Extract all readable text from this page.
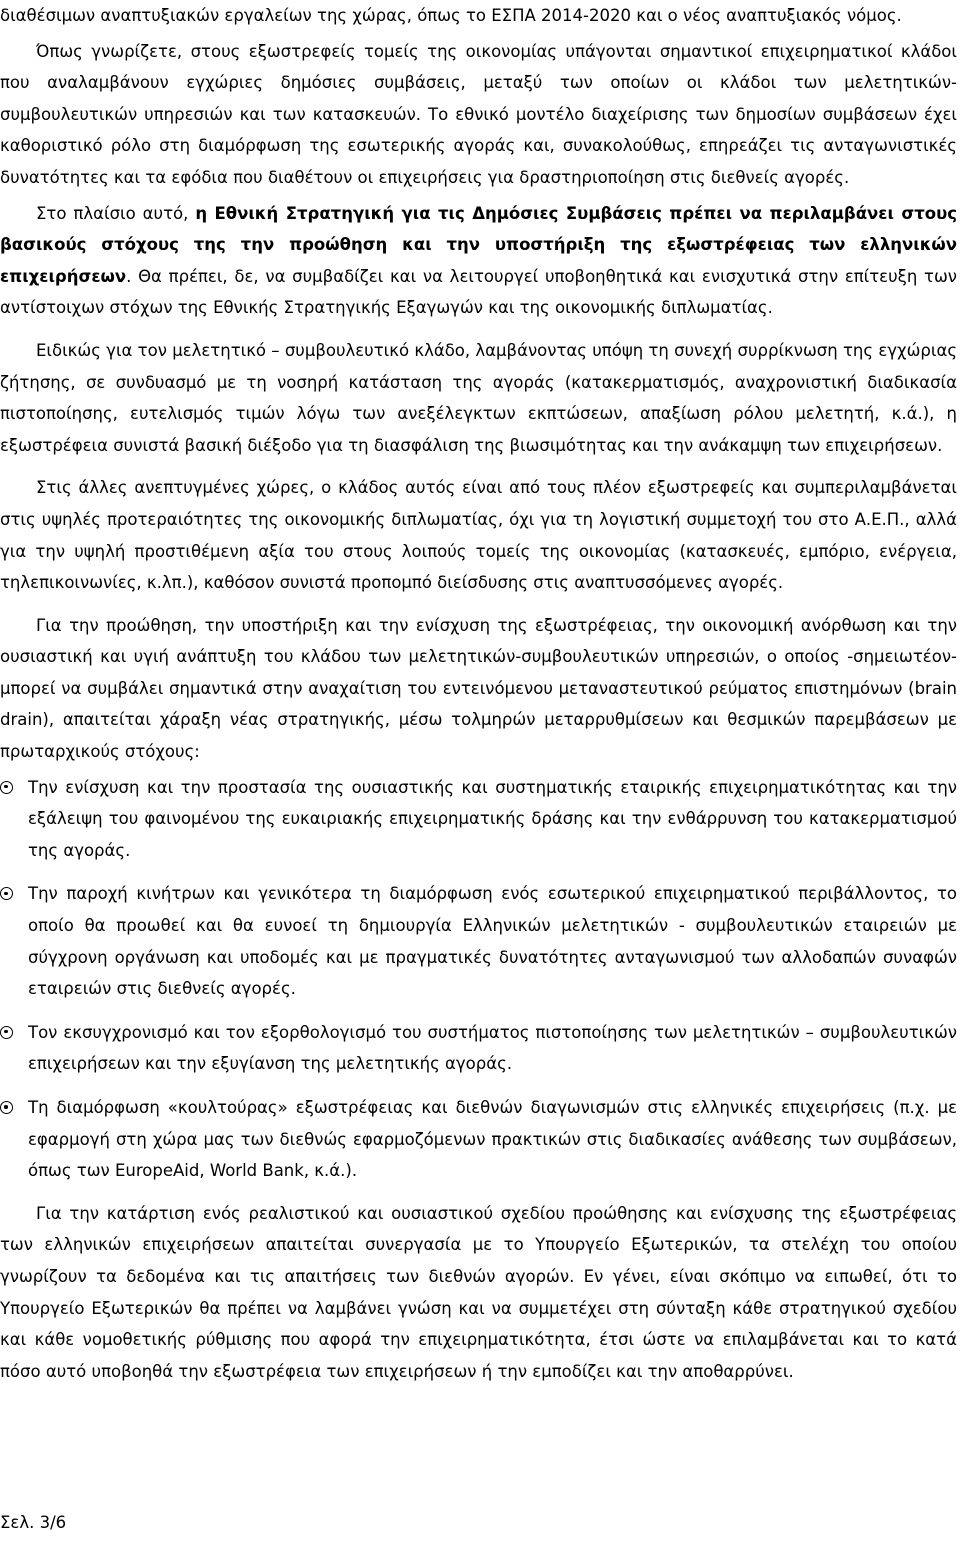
διαθέσιμων αναπτυξιακών εργαλείων της χώρας, όπως το ΕΣΠΑ 2014-2020 και ο νέος αναπτυξιακός νόμος.

Όπως γνωρίζετε, στους εξωστρεφείς τομείς της οικονομίας υπάγονται σημαντικοί επιχειρηματικοί κλάδοι που αναλαμβάνουν εγχώριες δημόσιες συμβάσεις, μεταξύ των οποίων οι κλάδοι των μελετητικών-συμβουλευτικών υπηρεσιών και των κατασκευών. Το εθνικό μοντέλο διαχείρισης των δημοσίων συμβάσεων έχει καθοριστικό ρόλο στη διαμόρφωση της εσωτερικής αγοράς και, συνακολούθως, επηρεάζει τις ανταγωνιστικές δυνατότητες και τα εφόδια που διαθέτουν οι επιχειρήσεις για δραστηριοποίηση στις διεθνείς αγορές.

Στο πλαίσιο αυτό, η Εθνική Στρατηγική για τις Δημόσιες Συμβάσεις πρέπει να περιλαμβάνει στους βασικούς στόχους της την προώθηση και την υποστήριξη της εξωστρέφειας των ελληνικών επιχειρήσεων. Θα πρέπει, δε, να συμβαδίζει και να λειτουργεί υποβοηθητικά και ενισχυτικά στην επίτευξη των αντίστοιχων στόχων της Εθνικής Στρατηγικής Εξαγωγών και της οικονομικής διπλωματίας.

Ειδικώς για τον μελετητικό – συμβουλευτικό κλάδο, λαμβάνοντας υπόψη τη συνεχή συρρίκνωση της εγχώριας ζήτησης, σε συνδυασμό με τη νοσηρή κατάσταση της αγοράς (κατακερματισμός, αναχρονιστική διαδικασία πιστοποίησης, ευτελισμός τιμών λόγω των ανεξέλεγκτων εκπτώσεων, απαξίωση ρόλου μελετητή, κ.ά.), η εξωστρέφεια συνιστά βασική διέξοδο για τη διασφάλιση της βιωσιμότητας και την ανάκαμψη των επιχειρήσεων.

Στις άλλες ανεπτυγμένες χώρες, ο κλάδος αυτός είναι από τους πλέον εξωστρεφείς και συμπεριλαμβάνεται στις υψηλές προτεραιότητες της οικονομικής διπλωματίας, όχι για τη λογιστική συμμετοχή του στο Α.Ε.Π., αλλά για την υψηλή προστιθέμενη αξία του στους λοιπούς τομείς της οικονομίας (κατασκευές, εμπόριο, ενέργεια, τηλεπικοινωνίες, κ.λπ.), καθόσον συνιστά προπομπό διείσδυσης στις αναπτυσσόμενες αγορές.

Για την προώθηση, την υποστήριξη και την ενίσχυση της εξωστρέφειας, την οικονομική ανόρθωση και την ουσιαστική και υγιή ανάπτυξη του κλάδου των μελετητικών-συμβουλευτικών υπηρεσιών, ο οποίος -σημειωτέον- μπορεί να συμβάλει σημαντικά στην αναχαίτιση του εντεινόμενου μεταναστευτικού ρεύματος επιστημόνων (brain drain), απαιτείται χάραξη νέας στρατηγικής, μέσω τολμηρών μεταρρυθμίσεων και θεσμικών παρεμβάσεων με πρωταρχικούς στόχους:

Την ενίσχυση και την προστασία της ουσιαστικής και συστηματικής εταιρικής επιχειρηματικότητας και την εξάλειψη του φαινομένου της ευκαιριακής επιχειρηματικής δράσης και την ενθάρρυνση του κατακερματισμού της αγοράς.
Την παροχή κινήτρων και γενικότερα τη διαμόρφωση ενός εσωτερικού επιχειρηματικού περιβάλλοντος, το οποίο θα προωθεί και θα ευνοεί τη δημιουργία Ελληνικών μελετητικών - συμβουλευτικών εταιρειών με σύγχρονη οργάνωση και υποδομές και με πραγματικές δυνατότητες ανταγωνισμού των αλλοδαπών συναφών εταιρειών στις διεθνείς αγορές.
Τον εκσυγχρονισμό και τον εξορθολογισμό του συστήματος πιστοποίησης των μελετητικών – συμβουλευτικών επιχειρήσεων και την εξυγίανση της μελετητικής αγοράς.
Τη διαμόρφωση «κουλτούρας» εξωστρέφειας και διεθνών διαγωνισμών στις ελληνικές επιχειρήσεις (π.χ. με εφαρμογή στη χώρα μας των διεθνώς εφαρμοζόμενων πρακτικών στις διαδικασίες ανάθεσης των συμβάσεων, όπως των EuropeAid, World Bank, κ.ά.).

Για την κατάρτιση ενός ρεαλιστικού και ουσιαστικού σχεδίου προώθησης και ενίσχυσης της εξωστρέφειας των ελληνικών επιχειρήσεων απαιτείται συνεργασία με το Υπουργείο Εξωτερικών, τα στελέχη του οποίου γνωρίζουν τα δεδομένα και τις απαιτήσεις των διεθνών αγορών. Εν γένει, είναι σκόπιμο να ειπωθεί, ότι το Υπουργείο Εξωτερικών θα πρέπει να λαμβάνει γνώση και να συμμετέχει στη σύνταξη κάθε στρατηγικού σχεδίου και κάθε νομοθετικής ρύθμισης που αφορά την επιχειρηματικότητα, έτσι ώστε να επιλαμβάνεται και το κατά πόσο αυτό υποβοηθά την εξωστρέφεια των επιχειρήσεων ή την εμποδίζει και την αποθαρρύνει.

Σελ. 3/6
